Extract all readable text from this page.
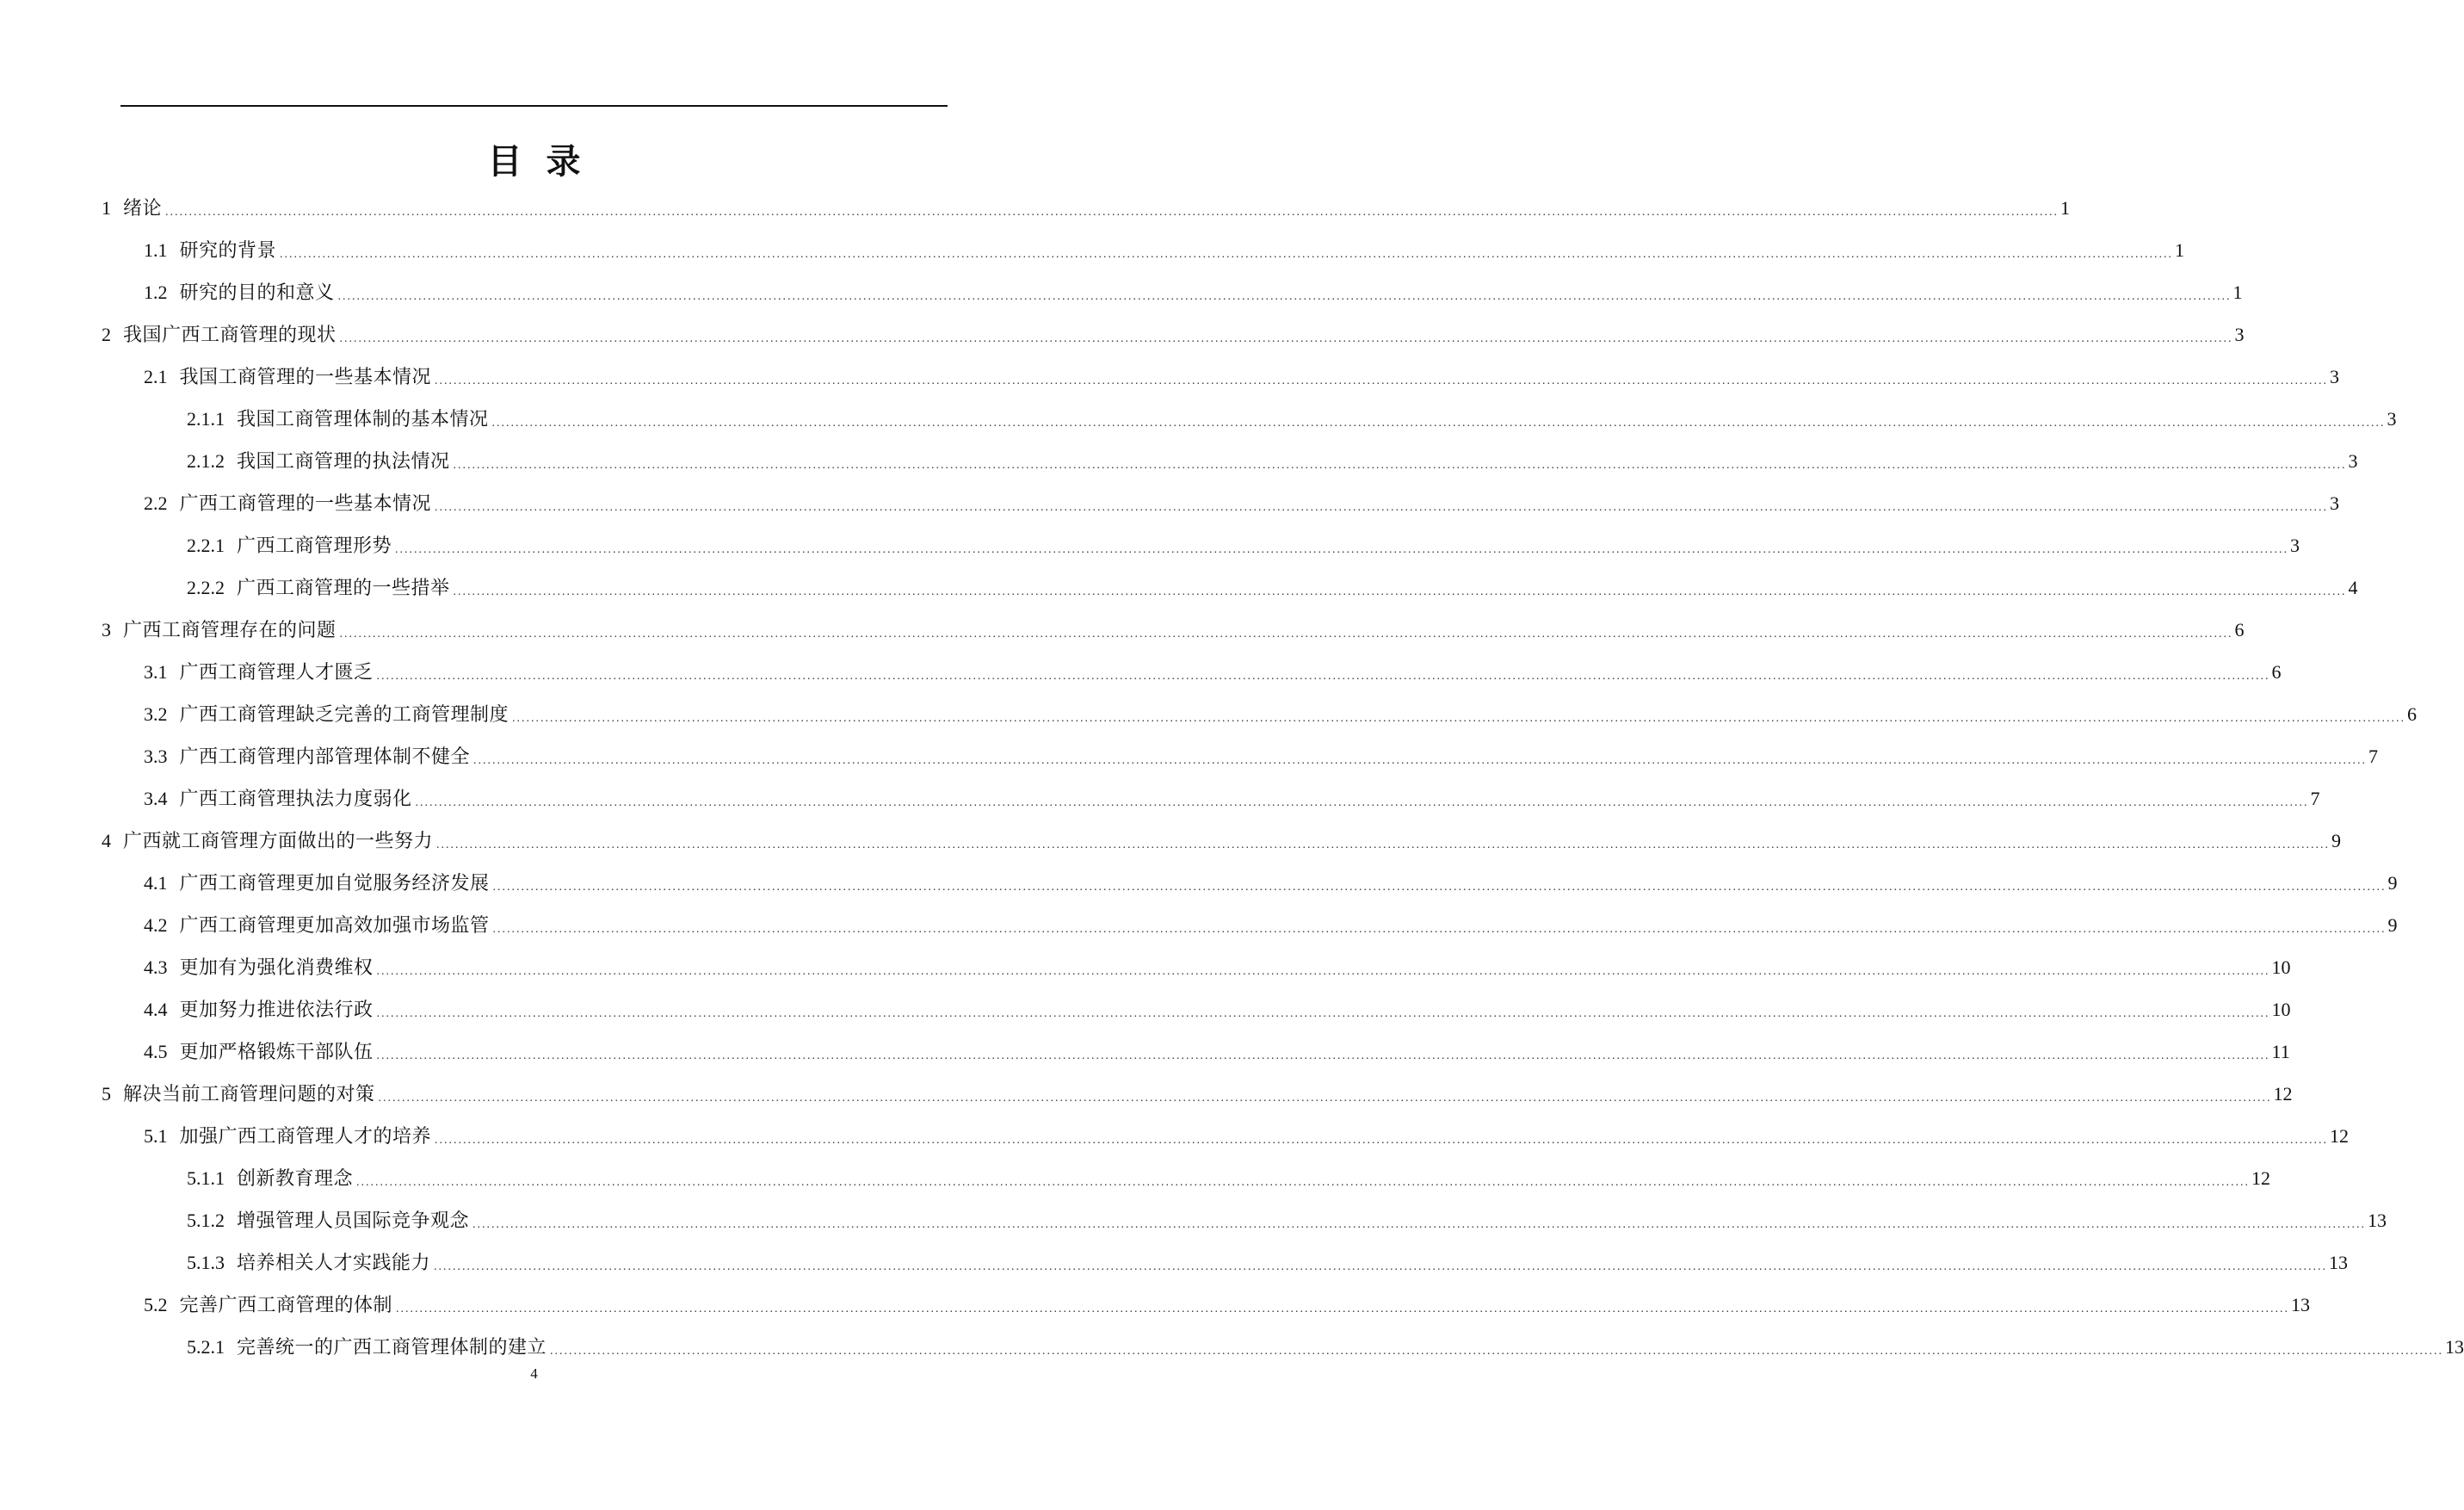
目录
1 绪论 ................................................................................................................................................................................................................................................................................................................................................................................................................ 1
1.1 研究的背景 ................................................................................................................................................................................................................................................................................................................................................................................................................ 1
1.2 研究的目的和意义 ................................................................................................................................................................................................................................................................................................................................................................................................................ 1
2 我国广西工商管理的现状 ................................................................................................................................................................................................................................................................................................................................................................................................................ 3
2.1 我国工商管理的一些基本情况 ................................................................................................................................................................................................................................................................................................................................................................................................................ 3
2.1.1 我国工商管理体制的基本情况 ................................................................................................................................................................................................................................................................................................................................................................................................................ 3
2.1.2 我国工商管理的执法情况 ................................................................................................................................................................................................................................................................................................................................................................................................................ 3
2.2 广西工商管理的一些基本情况 ................................................................................................................................................................................................................................................................................................................................................................................................................ 3
2.2.1 广西工商管理形势 ................................................................................................................................................................................................................................................................................................................................................................................................................ 3
2.2.2 广西工商管理的一些措举 ................................................................................................................................................................................................................................................................................................................................................................................................................ 4
3 广西工商管理存在的问题 ................................................................................................................................................................................................................................................................................................................................................................................................................ 6
3.1 广西工商管理人才匮乏 ................................................................................................................................................................................................................................................................................................................................................................................................................ 6
3.2 广西工商管理缺乏完善的工商管理制度 ................................................................................................................................................................................................................................................................................................................................................................................................................ 6
3.3 广西工商管理内部管理体制不健全 ................................................................................................................................................................................................................................................................................................................................................................................................................ 7
3.4 广西工商管理执法力度弱化 ................................................................................................................................................................................................................................................................................................................................................................................................................ 7
4 广西就工商管理方面做出的一些努力 ................................................................................................................................................................................................................................................................................................................................................................................................................ 9
4.1 广西工商管理更加自觉服务经济发展 ................................................................................................................................................................................................................................................................................................................................................................................................................ 9
4.2 广西工商管理更加高效加强市场监管 ................................................................................................................................................................................................................................................................................................................................................................................................................ 9
4.3 更加有为强化消费维权 ................................................................................................................................................................................................................................................................................................................................................................................................................ 10
4.4 更加努力推进依法行政 ................................................................................................................................................................................................................................................................................................................................................................................................................ 10
4.5 更加严格锻炼干部队伍 ................................................................................................................................................................................................................................................................................................................................................................................................................ 11
5 解决当前工商管理问题的对策 ................................................................................................................................................................................................................................................................................................................................................................................................................ 12
5.1 加强广西工商管理人才的培养 ................................................................................................................................................................................................................................................................................................................................................................................................................ 12
5.1.1 创新教育理念 ................................................................................................................................................................................................................................................................................................................................................................................................................ 12
5.1.2 增强管理人员国际竞争观念 ................................................................................................................................................................................................................................................................................................................................................................................................................ 13
5.1.3 培养相关人才实践能力 ................................................................................................................................................................................................................................................................................................................................................................................................................ 13
5.2 完善广西工商管理的体制 ................................................................................................................................................................................................................................................................................................................................................................................................................ 13
5.2.1 完善统一的广西工商管理体制的建立 ................................................................................................................................................................................................................................................................................................................................................................................................................ 13
4
